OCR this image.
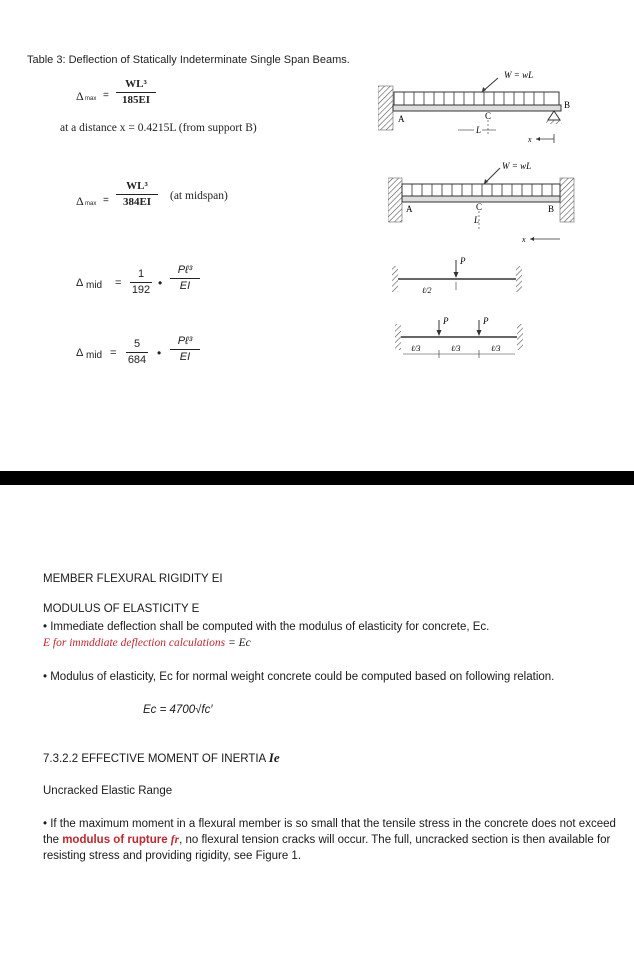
Table 3: Deflection of Statically Indeterminate Single Span Beams.
Δ max =
WL³
185EI
at a distance x = 0.4215L (from support B)
Δ max =
WL³
384EI	(at midspan)
Δ mid =
1
192 •
Pℓ³
EI
Δ mid =
5
684 •
Pℓ³
EI
W = wL
B
A	C
L
x
W = wL
A	B
C
L
x
P
ℓ/2
P	P
ℓ/3	ℓ/3	ℓ/3
MEMBER FLEXURAL RIGIDITY EI
MODULUS OF ELASTICITY E
• Immediate deflection shall be computed with the modulus of elasticity for concrete, Ec.
E for immddiate deflection calculations = Ec
• Modulus of elasticity, Ec for normal weight concrete could be computed based on following relation.
Ec = 4700√fc′
7.3.2.2 EFFECTIVE MOMENT OF INERTIA Ie
Uncracked Elastic Range
• If the maximum moment in a flexural member is so small that the tensile stress in the concrete does not exceed the modulus of rupture fr, no flexural tension cracks will occur. The full, uncracked section is then available for resisting stress and providing rigidity, see Figure 1.
